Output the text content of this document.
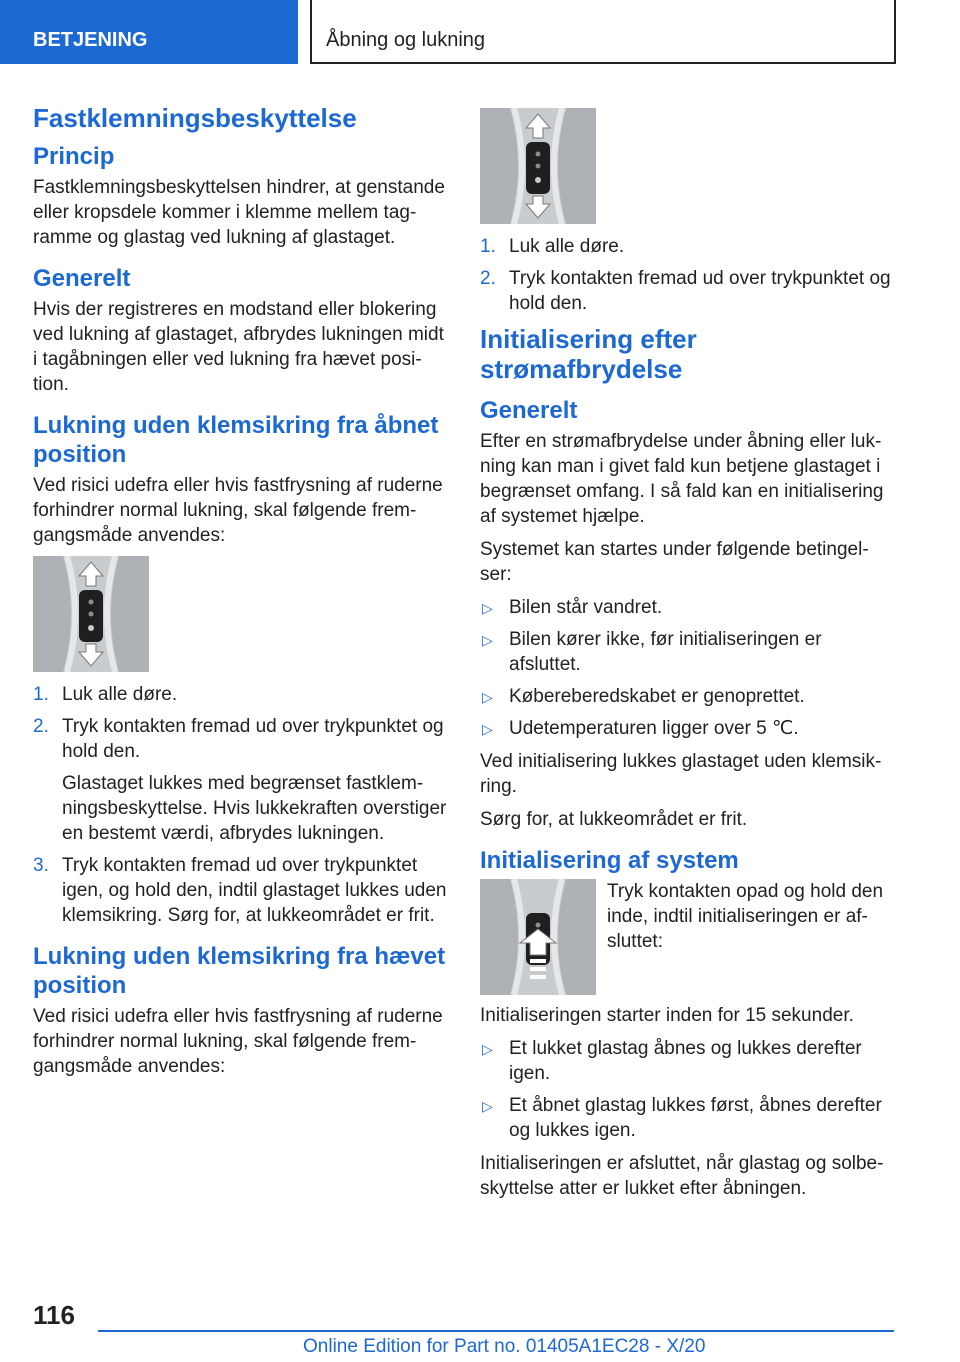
BETJENING	Åbning og lukning
Fastklemningsbeskyttelse
Princip

Fastklemningsbeskyttelsen hindrer, at genstande eller kropsdele kommer i klemme mellem tag-ramme og glastag ved lukning af glastaget.

Generelt

Hvis der registreres en modstand eller blokering ved lukning af glastaget, afbrydes lukningen midt i tagåbningen eller ved lukning fra hævet posi-tion.

Lukning uden klemsikring fra åbnet position

Ved risici udefra eller hvis fastfrysning af ruderne forhindrer normal lukning, skal følgende frem-gangsmåde anvendes:

1. Luk alle døre.
2. Tryk kontakten fremad ud over trykpunktet og hold den.
Glastaget lukkes med begrænset fastklem-ningsbeskyttelse. Hvis lukkekraften overstiger en bestemt værdi, afbrydes lukningen.
3. Tryk kontakten fremad ud over trykpunktet igen, og hold den, indtil glastaget lukkes uden klemsikring. Sørg for, at lukkeområdet er frit.
Lukning uden klemsikring fra hævet position

Ved risici udefra eller hvis fastfrysning af ruderne forhindrer normal lukning, skal følgende frem-gangsmåde anvendes:

1. Luk alle døre.
2. Tryk kontakten fremad ud over trykpunktet og hold den.
Initialisering efter strømafbrydelse
Generelt

Efter en strømafbrydelse under åbning eller luk-ning kan man i givet fald kun betjene glastaget i begrænset omfang. I så fald kan en initialisering af systemet hjælpe.

Systemet kan startes under følgende betingel-ser:

▷ Bilen står vandret.
▷ Bilen kører ikke, før initialiseringen er afsluttet.
▷ Købereberedskabet er genoprettet.
▷ Udetemperaturen ligger over 5 ℃.

Ved initialisering lukkes glastaget uden klemsik-ring.

Sørg for, at lukkeområdet er frit.

Initialisering af system

Tryk kontakten opad og hold den inde, indtil initialiseringen er af-sluttet:

Initialiseringen starter inden for 15 sekunder.

▷ Et lukket glastag åbnes og lukkes derefter igen.
▷ Et åbnet glastag lukkes først, åbnes derefter og lukkes igen.

Initialiseringen er afsluttet, når glastag og solbe-skyttelse atter er lukket efter åbningen.

116
Online Edition for Part no. 01405A1EC28 - X/20
